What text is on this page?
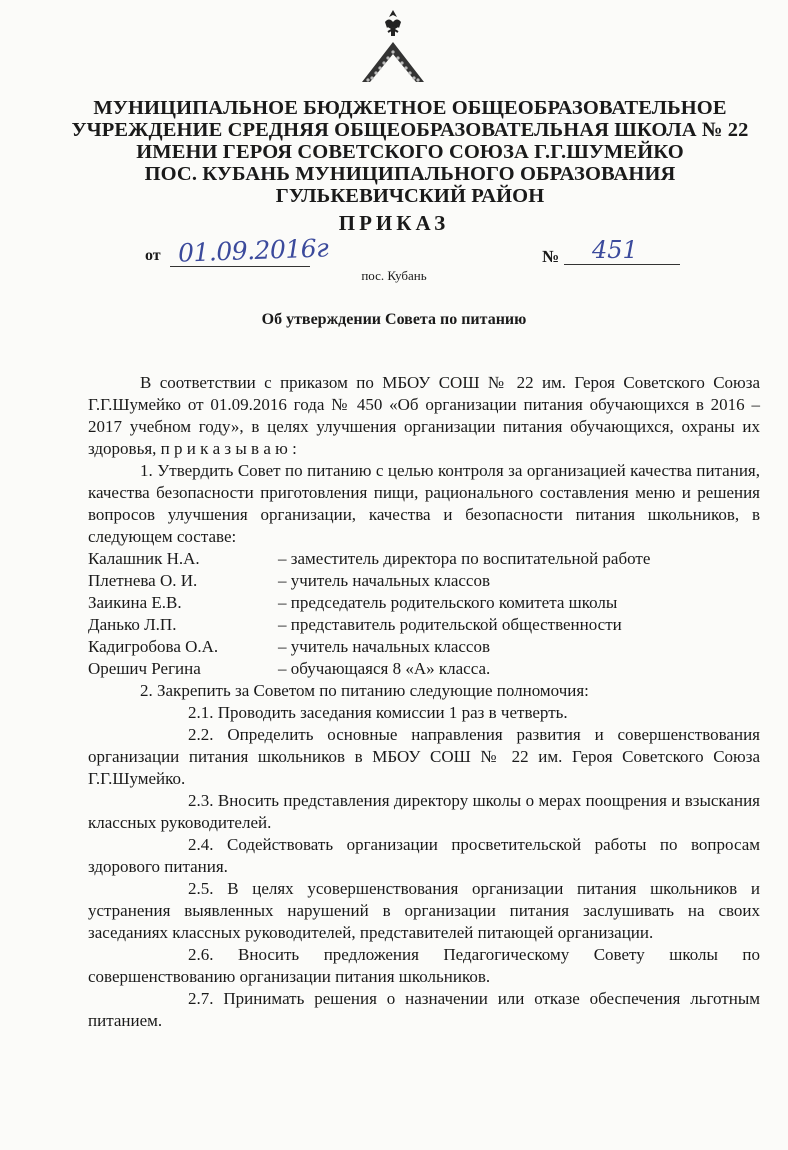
МУНИЦИПАЛЬНОЕ БЮДЖЕТНОЕ ОБЩЕОБРАЗОВАТЕЛЬНОЕ
УЧРЕЖДЕНИЕ СРЕДНЯЯ ОБЩЕОБРАЗОВАТЕЛЬНАЯ ШКОЛА № 22
ИМЕНИ ГЕРОЯ СОВЕТСКОГО СОЮЗА Г.Г.ШУМЕЙКО
ПОС. КУБАНЬ МУНИЦИПАЛЬНОГО ОБРАЗОВАНИЯ
ГУЛЬКЕВИЧСКИЙ РАЙОН
ПРИКАЗ
от 01.09.2016г	№ 451
пос. Кубань
Об утверждении Совета по питанию

В соответствии с приказом по МБОУ СОШ № 22 им. Героя Советского Союза Г.Г.Шумейко от 01.09.2016 года № 450 «Об организации питания обучающихся в 2016 – 2017 учебном году», в целях улучшения организации питания обучающихся, охраны их здоровья, п р и к а з ы в а ю :

1. Утвердить Совет по питанию с целью контроля за организацией качества питания, качества безопасности приготовления пищи, рационального составления меню и решения вопросов улучшения организации, качества и безопасности питания школьников, в следующем составе:

Калашник Н.А.	– заместитель директора по воспитательной работе
Плетнева О. И.	– учитель начальных классов
Заикина Е.В.	– председатель родительского комитета школы
Данько Л.П.	– представитель родительской общественности
Кадигробова О.А.	– учитель начальных классов
Орешич Регина	– обучающаяся 8 «А» класса.

2. Закрепить за Советом по питанию следующие полномочия:

2.1. Проводить заседания комиссии 1 раз в четверть.

2.2. Определить основные направления развития и совершенствования организации питания школьников в МБОУ СОШ № 22 им. Героя Советского Союза Г.Г.Шумейко.

2.3. Вносить представления директору школы о мерах поощрения и взыскания классных руководителей.

2.4. Содействовать организации просветительской работы по вопросам здорового питания.

2.5. В целях усовершенствования организации питания школьников и устранения выявленных нарушений в организации питания заслушивать на своих заседаниях классных руководителей, представителей питающей организации.

2.6. Вносить предложения Педагогическому Совету школы по совершенствованию организации питания школьников.

2.7. Принимать решения о назначении или отказе обеспечения льготным питанием.
